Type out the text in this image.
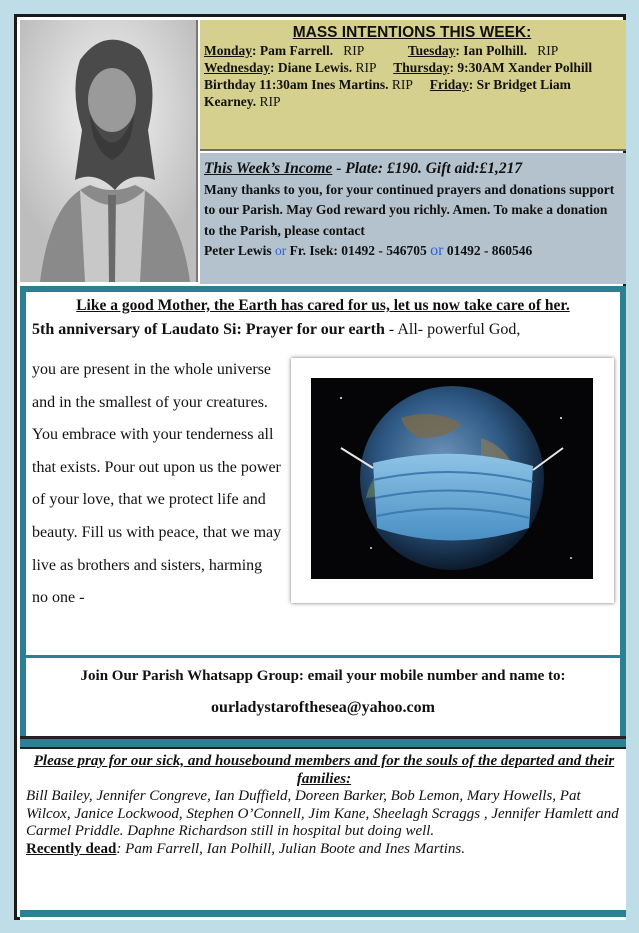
MASS INTENTIONS THIS WEEK:
Monday: Pam Farrell. RIP	Tuesday: Ian Polhill. RIP
Wednesday: Diane Lewis. RIP Thursday: 9:30AM Xander Polhill Birthday 11:30am Ines Martins. RIP Friday: Sr Bridget Liam Kearney. RIP
This Week’s Income - Plate: £190. Gift aid:£1,217
Many thanks to you, for your continued prayers and donations support to our Parish. May God reward you richly. Amen. To make a donation to the Parish, please contact
Peter Lewis or Fr. Isek: 01492 - 546705 or 01492 - 860546
Like a good Mother, the Earth has cared for us, let us now take care of her.
5th anniversary of Laudato Si: Prayer for our earth - All- powerful God,
you are present in the whole universe and in the smallest of your creatures. You embrace with your tenderness all that exists. Pour out upon us the power of your love, that we protect life and beauty. Fill us with peace, that we may live as brothers and sisters, harming no one -
Join Our Parish Whatsapp Group: email your mobile number and name to:
ourladystarofthesea@yahoo.com
Please pray for our sick, and housebound members and for the souls of the departed and their families:
Bill Bailey, Jennifer Congreve, Ian Duffield, Doreen Barker, Bob Lemon, Mary Howells, Pat Wilcox, Janice Lockwood, Stephen O’Connell, Jim Kane, Sheelagh Scraggs , Jennifer Hamlett and Carmel Priddle. Daphne Richardson still in hospital but doing well.
Recently dead: Pam Farrell, Ian Polhill, Julian Boote and Ines Martins.
